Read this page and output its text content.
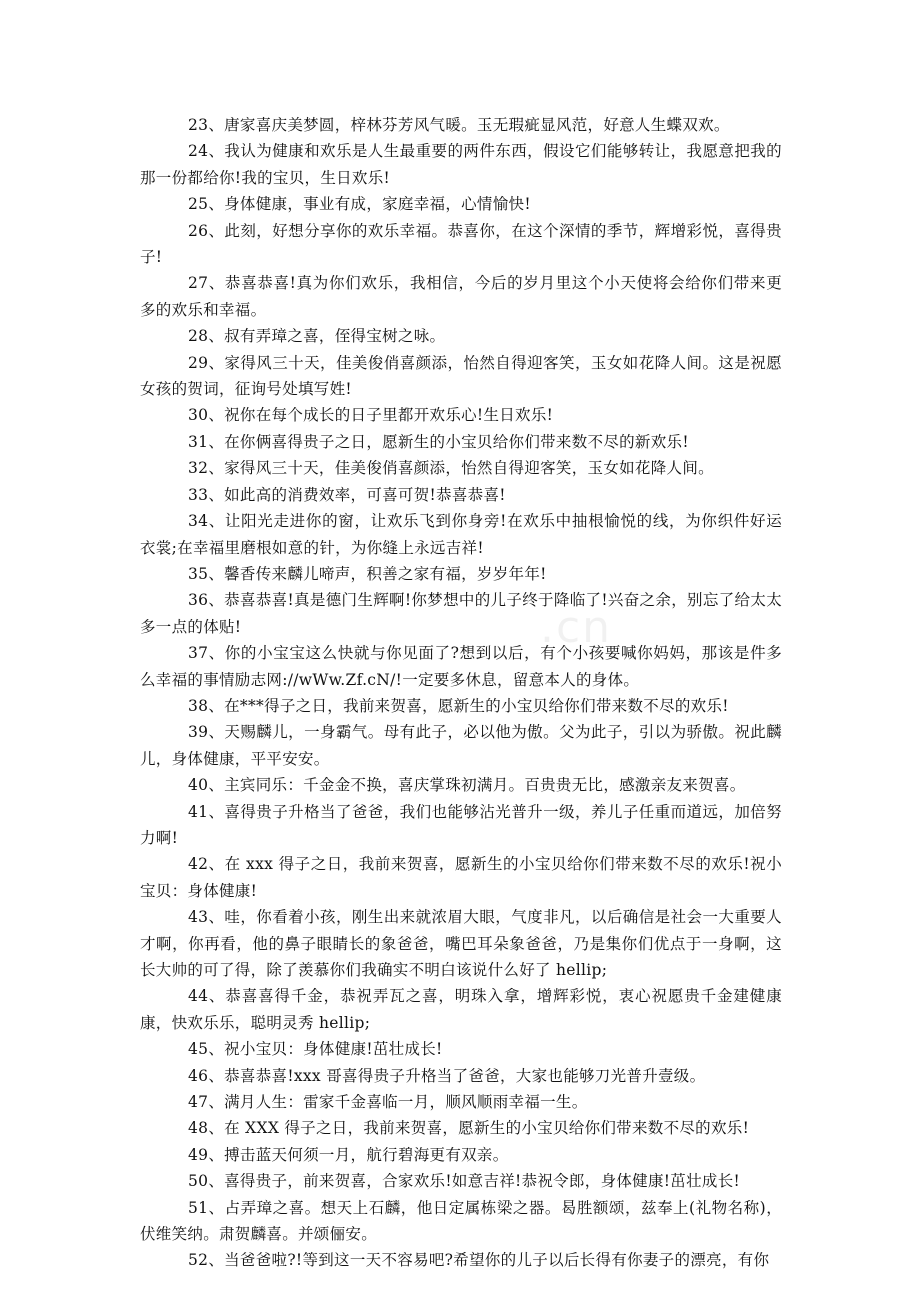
.cn

23、唐家喜庆美梦圆，梓林芬芳风气暖。玉无瑕疵显风范，好意人生蝶双欢。

24、我认为健康和欢乐是人生最重要的两件东西，假设它们能够转让，我愿意把我的那一份都给你!我的宝贝，生日欢乐!

25、身体健康，事业有成，家庭幸福，心情愉快!

26、此刻，好想分享你的欢乐幸福。恭喜你，在这个深情的季节，辉增彩悦，喜得贵子!

27、恭喜恭喜!真为你们欢乐，我相信，今后的岁月里这个小天使将会给你们带来更多的欢乐和幸福。

28、叔有弄璋之喜，侄得宝树之咏。

29、家得风三十天，佳美俊俏喜颜添，怡然自得迎客笑，玉女如花降人间。这是祝愿女孩的贺词，征询号处填写姓!

30、祝你在每个成长的日子里都开欢乐心!生日欢乐!

31、在你俩喜得贵子之日，愿新生的小宝贝给你们带来数不尽的新欢乐!

32、家得风三十天，佳美俊俏喜颜添，怡然自得迎客笑，玉女如花降人间。

33、如此高的消费效率，可喜可贺!恭喜恭喜!

34、让阳光走进你的窗，让欢乐飞到你身旁!在欢乐中抽根愉悦的线，为你织件好运衣裳;在幸福里磨根如意的针，为你缝上永远吉祥!

35、馨香传来麟儿啼声，积善之家有福，岁岁年年!

36、恭喜恭喜!真是德门生辉啊!你梦想中的儿子终于降临了!兴奋之余，别忘了给太太多一点的体贴!

37、你的小宝宝这么快就与你见面了?想到以后，有个小孩要喊你妈妈，那该是件多么幸福的事情励志网://wWw.Zf.cN/!一定要多休息，留意本人的身体。

38、在***得子之日，我前来贺喜，愿新生的小宝贝给你们带来数不尽的欢乐!

39、天赐麟儿，一身霸气。母有此子，必以他为傲。父为此子，引以为骄傲。祝此麟儿，身体健康，平平安安。

40、主宾同乐：千金金不换，喜庆掌珠初满月。百贵贵无比，感激亲友来贺喜。

41、喜得贵子升格当了爸爸，我们也能够沾光普升一级，养儿子任重而道远，加倍努力啊!

42、在 xxx 得子之日，我前来贺喜，愿新生的小宝贝给你们带来数不尽的欢乐!祝小宝贝：身体健康!

43、哇，你看着小孩，刚生出来就浓眉大眼，气度非凡，以后确信是社会一大重要人才啊，你再看，他的鼻子眼睛长的象爸爸，嘴巴耳朵象爸爸，乃是集你们优点于一身啊，这长大帅的可了得，除了羡慕你们我确实不明白该说什么好了 hellip;

44、恭喜喜得千金，恭祝弄瓦之喜，明珠入拿，增辉彩悦，衷心祝愿贵千金建健康康，快欢乐乐，聪明灵秀 hellip;

45、祝小宝贝：身体健康!茁壮成长!

46、恭喜恭喜!xxx 哥喜得贵子升格当了爸爸，大家也能够刀光普升壹级。

47、满月人生：雷家千金喜临一月，顺风顺雨幸福一生。

48、在 XXX 得子之日，我前来贺喜，愿新生的小宝贝给你们带来数不尽的欢乐!

49、搏击蓝天何须一月，航行碧海更有双亲。

50、喜得贵子，前来贺喜，合家欢乐!如意吉祥!恭祝令郎，身体健康!茁壮成长!

51、占弄璋之喜。想天上石麟，他日定属栋梁之器。曷胜额颂，兹奉上(礼物名称)，伏维笑纳。肃贺麟喜。并颂俪安。

52、当爸爸啦?!等到这一天不容易吧?希望你的儿子以后长得有你妻子的漂亮，有你
